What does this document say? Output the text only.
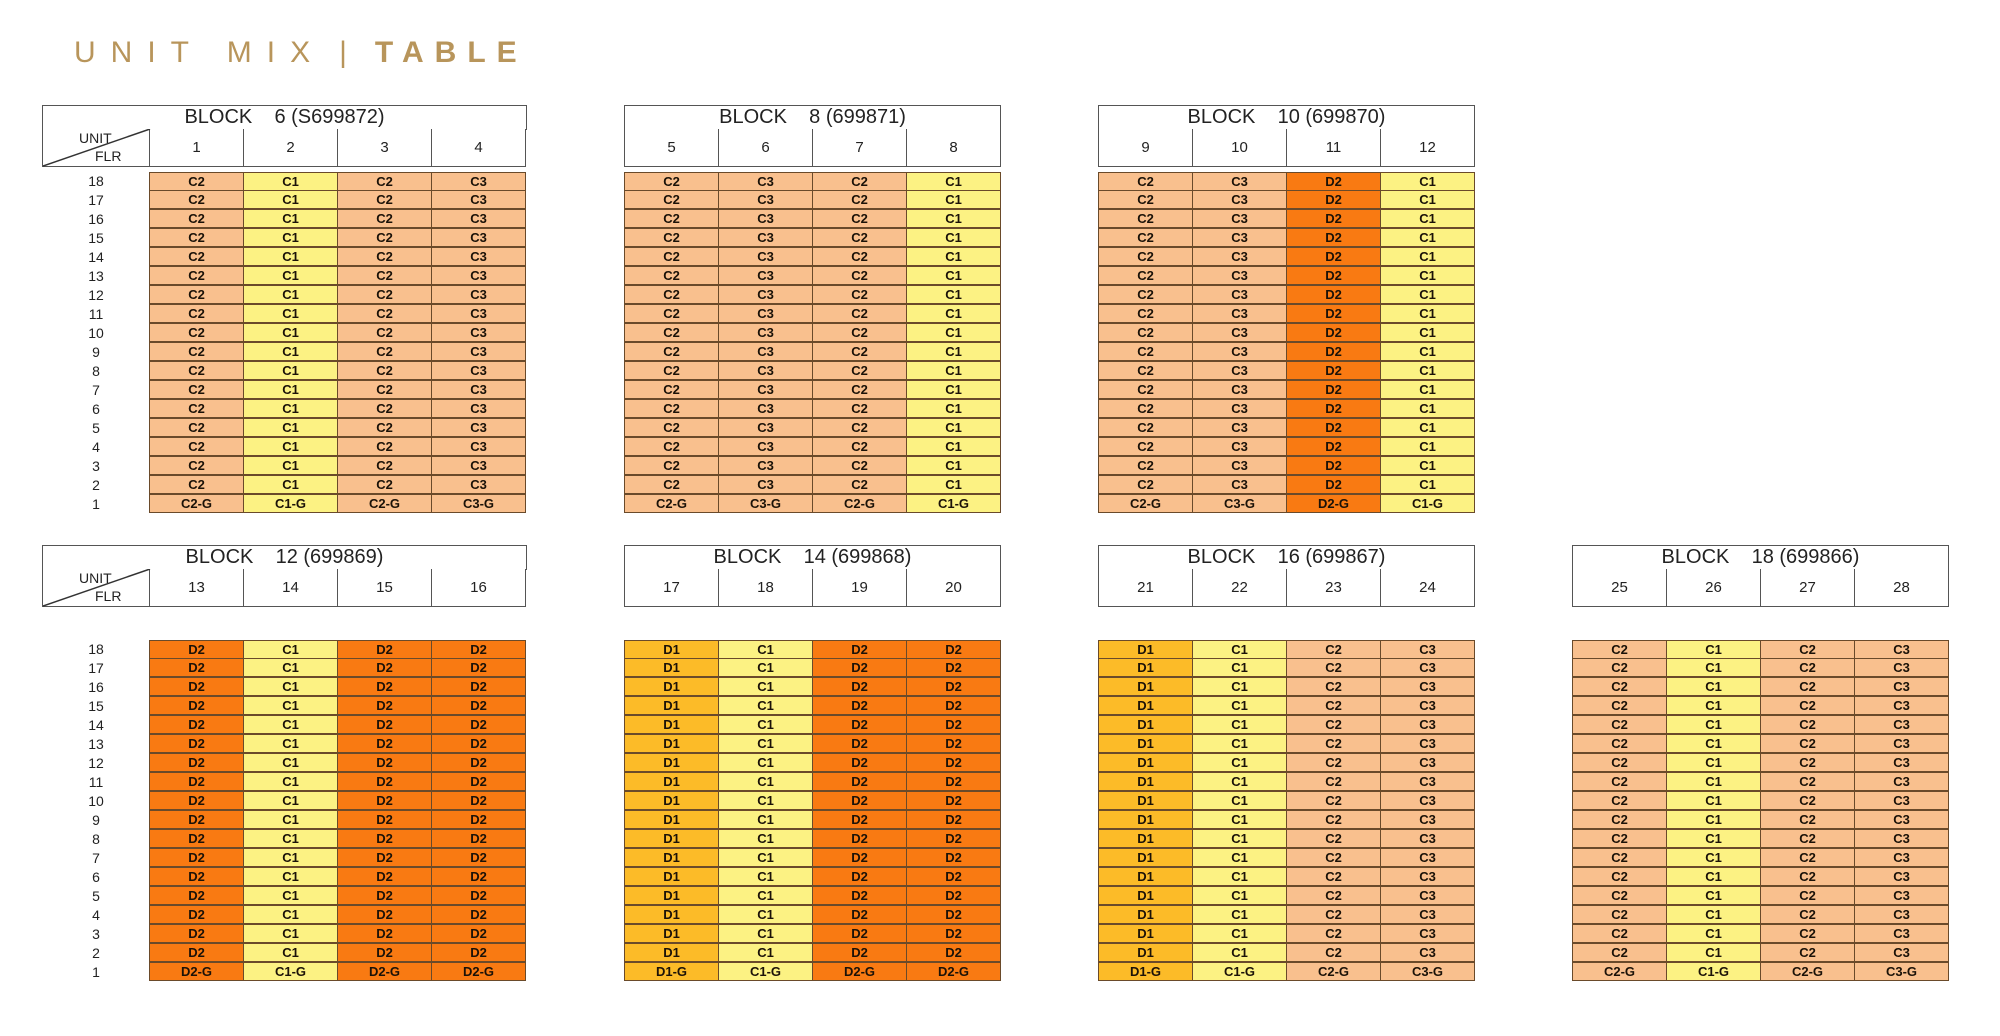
UNIT MIX | TABLE
BLOCK    6 (S699872)
UNIT
FLR	1	2	3	4
18	C2	C1	C2	C3
17	C2	C1	C2	C3
16	C2	C1	C2	C3
15	C2	C1	C2	C3
14	C2	C1	C2	C3
13	C2	C1	C2	C3
12	C2	C1	C2	C3
11	C2	C1	C2	C3
10	C2	C1	C2	C3
9	C2	C1	C2	C3
8	C2	C1	C2	C3
7	C2	C1	C2	C3
6	C2	C1	C2	C3
5	C2	C1	C2	C3
4	C2	C1	C2	C3
3	C2	C1	C2	C3
2	C2	C1	C2	C3
1	C2-G	C1-G	C2-G	C3-G
BLOCK    8 (699871)
5	6	7	8
C2	C3	C2	C1
C2	C3	C2	C1
C2	C3	C2	C1
C2	C3	C2	C1
C2	C3	C2	C1
C2	C3	C2	C1
C2	C3	C2	C1
C2	C3	C2	C1
C2	C3	C2	C1
C2	C3	C2	C1
C2	C3	C2	C1
C2	C3	C2	C1
C2	C3	C2	C1
C2	C3	C2	C1
C2	C3	C2	C1
C2	C3	C2	C1
C2	C3	C2	C1
C2-G	C3-G	C2-G	C1-G
BLOCK    10 (699870)
9	10	11	12
C2	C3	D2	C1
C2	C3	D2	C1
C2	C3	D2	C1
C2	C3	D2	C1
C2	C3	D2	C1
C2	C3	D2	C1
C2	C3	D2	C1
C2	C3	D2	C1
C2	C3	D2	C1
C2	C3	D2	C1
C2	C3	D2	C1
C2	C3	D2	C1
C2	C3	D2	C1
C2	C3	D2	C1
C2	C3	D2	C1
C2	C3	D2	C1
C2	C3	D2	C1
C2-G	C3-G	D2-G	C1-G
BLOCK    12 (699869)
UNIT
FLR	13	14	15	16
18	D2	C1	D2	D2
17	D2	C1	D2	D2
16	D2	C1	D2	D2
15	D2	C1	D2	D2
14	D2	C1	D2	D2
13	D2	C1	D2	D2
12	D2	C1	D2	D2
11	D2	C1	D2	D2
10	D2	C1	D2	D2
9	D2	C1	D2	D2
8	D2	C1	D2	D2
7	D2	C1	D2	D2
6	D2	C1	D2	D2
5	D2	C1	D2	D2
4	D2	C1	D2	D2
3	D2	C1	D2	D2
2	D2	C1	D2	D2
1	D2-G	C1-G	D2-G	D2-G
BLOCK    14 (699868)
17	18	19	20
D1	C1	D2	D2
D1	C1	D2	D2
D1	C1	D2	D2
D1	C1	D2	D2
D1	C1	D2	D2
D1	C1	D2	D2
D1	C1	D2	D2
D1	C1	D2	D2
D1	C1	D2	D2
D1	C1	D2	D2
D1	C1	D2	D2
D1	C1	D2	D2
D1	C1	D2	D2
D1	C1	D2	D2
D1	C1	D2	D2
D1	C1	D2	D2
D1	C1	D2	D2
D1-G	C1-G	D2-G	D2-G
BLOCK    16 (699867)
21	22	23	24
D1	C1	C2	C3
D1	C1	C2	C3
D1	C1	C2	C3
D1	C1	C2	C3
D1	C1	C2	C3
D1	C1	C2	C3
D1	C1	C2	C3
D1	C1	C2	C3
D1	C1	C2	C3
D1	C1	C2	C3
D1	C1	C2	C3
D1	C1	C2	C3
D1	C1	C2	C3
D1	C1	C2	C3
D1	C1	C2	C3
D1	C1	C2	C3
D1	C1	C2	C3
D1-G	C1-G	C2-G	C3-G
BLOCK    18 (699866)
25	26	27	28
C2	C1	C2	C3
C2	C1	C2	C3
C2	C1	C2	C3
C2	C1	C2	C3
C2	C1	C2	C3
C2	C1	C2	C3
C2	C1	C2	C3
C2	C1	C2	C3
C2	C1	C2	C3
C2	C1	C2	C3
C2	C1	C2	C3
C2	C1	C2	C3
C2	C1	C2	C3
C2	C1	C2	C3
C2	C1	C2	C3
C2	C1	C2	C3
C2	C1	C2	C3
C2-G	C1-G	C2-G	C3-G
